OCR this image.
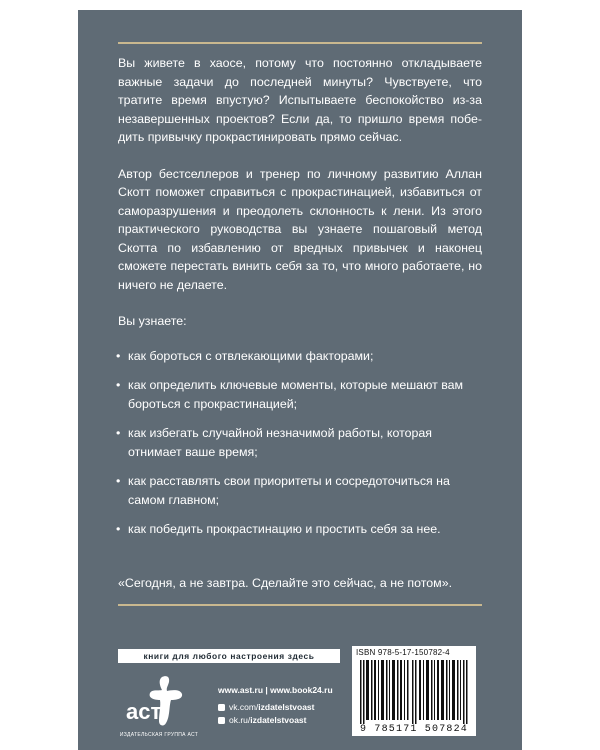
Вы живете в хаосе, потому что постоянно откладываете важные задачи до последней минуты? Чувствуете, что тратите время впустую? Испытываете беспокойство из-за незавершенных проектов? Если да, то пришло время победить привычку прокрастинировать прямо сейчас.

Автор бестселлеров и тренер по личному развитию Аллан Скотт поможет справиться с прокрастинацией, избавиться от саморазрушения и преодолеть склонность к лени. Из этого практического руководства вы узнаете пошаговый метод Скотта по избавлению от вредных привычек и наконец сможете перестать винить себя за то, что много работаете, но ничего не делаете.

Вы узнаете:

• как бороться с отвлекающими факторами;
• как определить ключевые моменты, которые мешают вам бороться с прокрастинацией;
• как избегать случайной незначимой работы, которая отнимает ваше время;
• как расставлять свои приоритеты и сосредоточиться на самом главном;
• как победить прокрастинацию и простить себя за нее.
«Сегодня, а не завтра. Сделайте это сейчас, а не потом».
книги для любого настроения здесь
аст
ИЗДАТЕЛЬСКАЯ ГРУППА АСТ
www.ast.ru | www.book24.ru
vk.com/ izdatelstvoast
ok.ru/ izdatelstvoast
ISBN 978-5-17-150782-4
9 785171 507824
